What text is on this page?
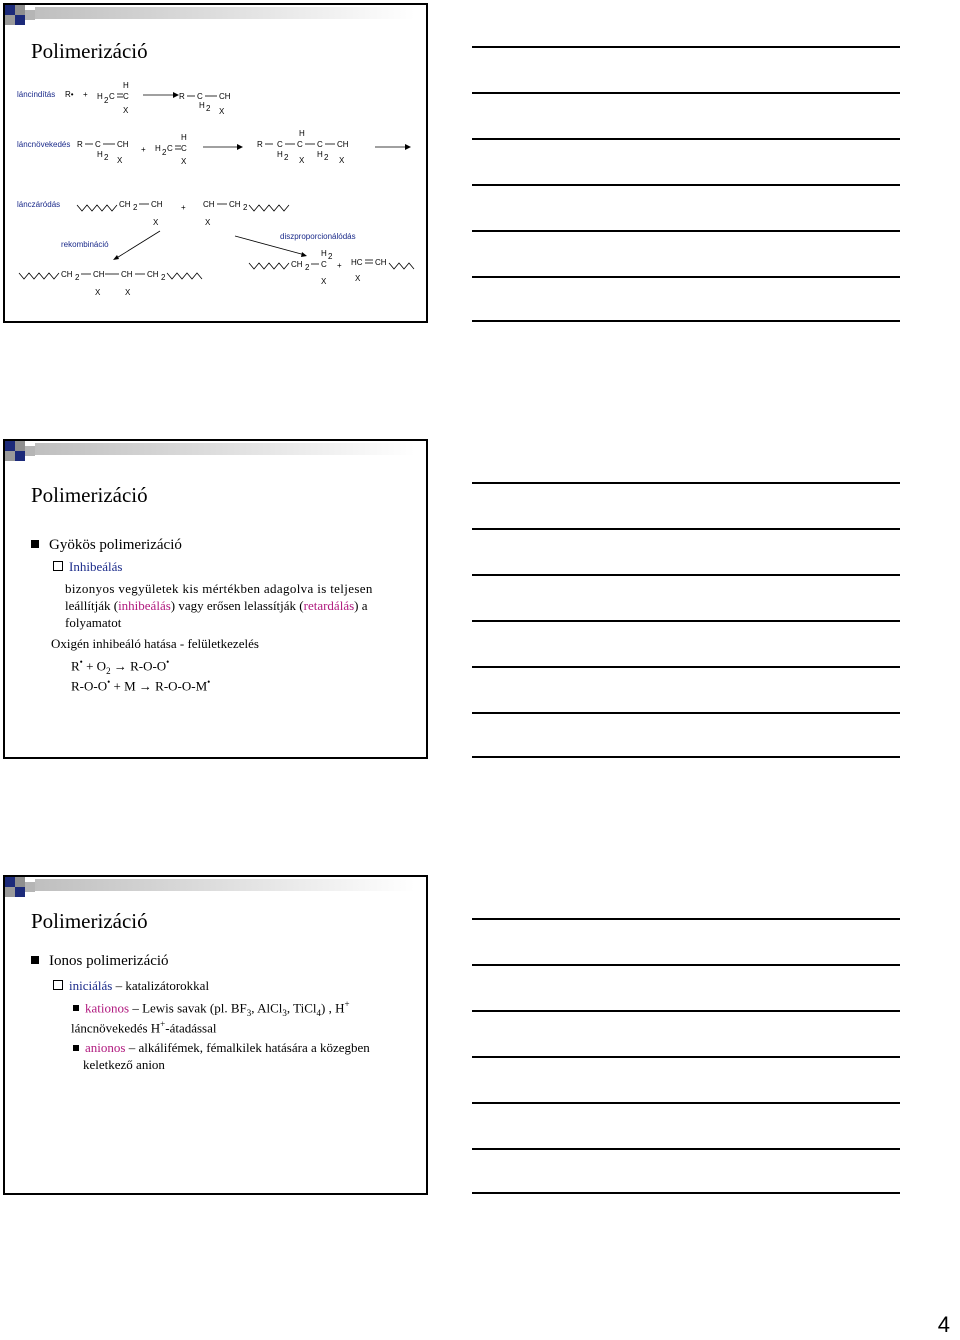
Polimerizáció
láncindítás R• + H 2 C C
H
X
R C
H 2
CH
X
láncnövekedés R C
H 2
CH
X
+ H 2 C C
H
X
R C
H 2
C
H
X
C
H 2
CH
X
lánczáródás	CH 2 CH
X
+ CH
X
CH 2
rekombináció
diszproporcionálódás
CH 2 CH
X
CH
X
CH 2
CH 2 C
H 2
X
+ HC CH
X
Polimerizáció
Gyökös polimerizáció
Inhibeálás
bizonyos vegyületek kis mértékben adagolva is teljesen
leállítják (inhibeálás) vagy erősen lelassítják (retardálás) a
folyamatot
Oxigén inhibeáló hatása - felületkezelés
$R^• + O_2 \to R-O-O^•$
R-O-O• + M → R-O-O-M•
Polimerizáció
Ionos polimerizáció
iniciálás – katalizátorokkal
kationos – Lewis savak (pl. $BF_3$, AlCl$_3$, TiCl$_4$) , H+
láncnövekedés H+-átadással
anionos – alkálifémek, fémalkilek hatására a közegben
keletkező anion
4
